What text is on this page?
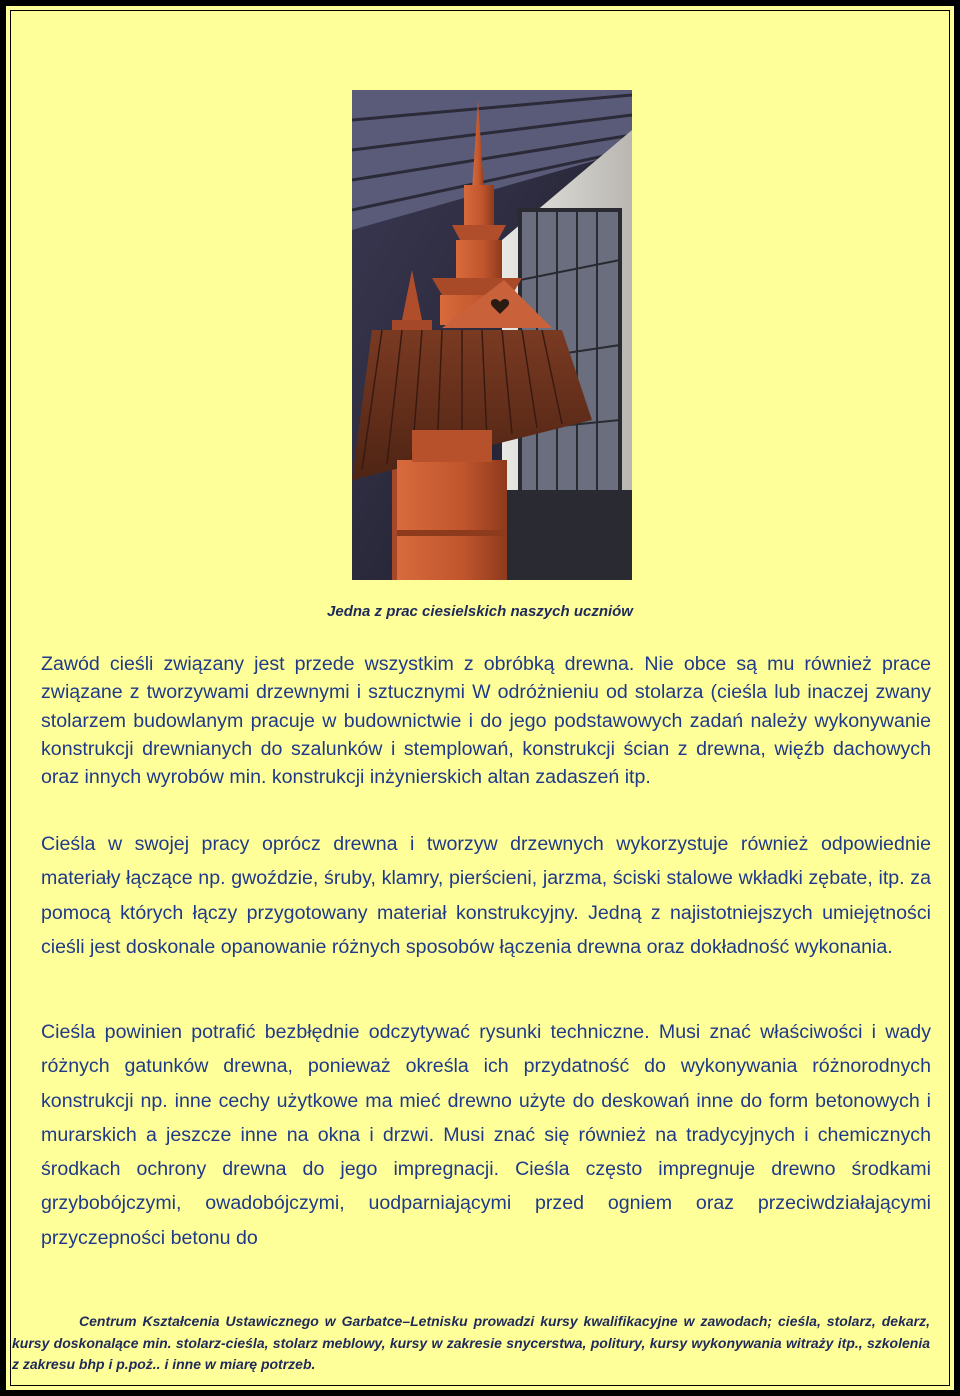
Jedna z prac ciesielskich naszych uczniów
Zawód cieśli związany jest przede wszystkim z obróbką drewna. Nie obce są mu również prace związane z tworzywami drzewnymi i sztucznymi W odróżnieniu od stolarza (cieśla lub inaczej zwany stolarzem budowlanym pracuje w budownictwie i do jego podstawowych zadań należy wykonywanie konstrukcji drewnianych do szalunków i stemplowań, konstrukcji ścian z drewna, więźb dachowych oraz innych wyrobów min. konstrukcji inżynierskich altan zadaszeń itp.
Cieśla w swojej pracy oprócz drewna i tworzyw drzewnych wykorzystuje również odpowiednie materiały łączące np. gwoździe, śruby, klamry, pierścieni, jarzma, ściski stalowe wkładki zębate, itp. za pomocą których łączy przygotowany materiał konstrukcyjny. Jedną z najistotniejszych umiejętności cieśli jest doskonale opanowanie różnych sposobów łączenia drewna oraz dokładność wykonania.
Cieśla powinien potrafić bezbłędnie odczytywać rysunki techniczne. Musi znać właściwości i wady różnych gatunków drewna, ponieważ określa ich przydatność do wykonywania różnorodnych konstrukcji np. inne cechy użytkowe ma mieć drewno użyte do deskowań inne do form betonowych i murarskich a jeszcze inne na okna i drzwi. Musi znać się również na tradycyjnych i chemicznych środkach ochrony drewna do jego impregnacji. Cieśla często impregnuje drewno środkami grzybobójczymi, owadobójczymi, uodparniającymi przed ogniem oraz przeciwdziałającymi przyczepności betonu do
Centrum Kształcenia Ustawicznego w Garbatce–Letnisku prowadzi kursy kwalifikacyjne w zawodach; cieśla, stolarz, dekarz, kursy doskonalące min. stolarz-cieśla, stolarz meblowy, kursy w zakresie snycerstwa, politury, kursy wykonywania witraży itp., szkolenia z zakresu bhp i p.poż.. i inne w miarę potrzeb.
